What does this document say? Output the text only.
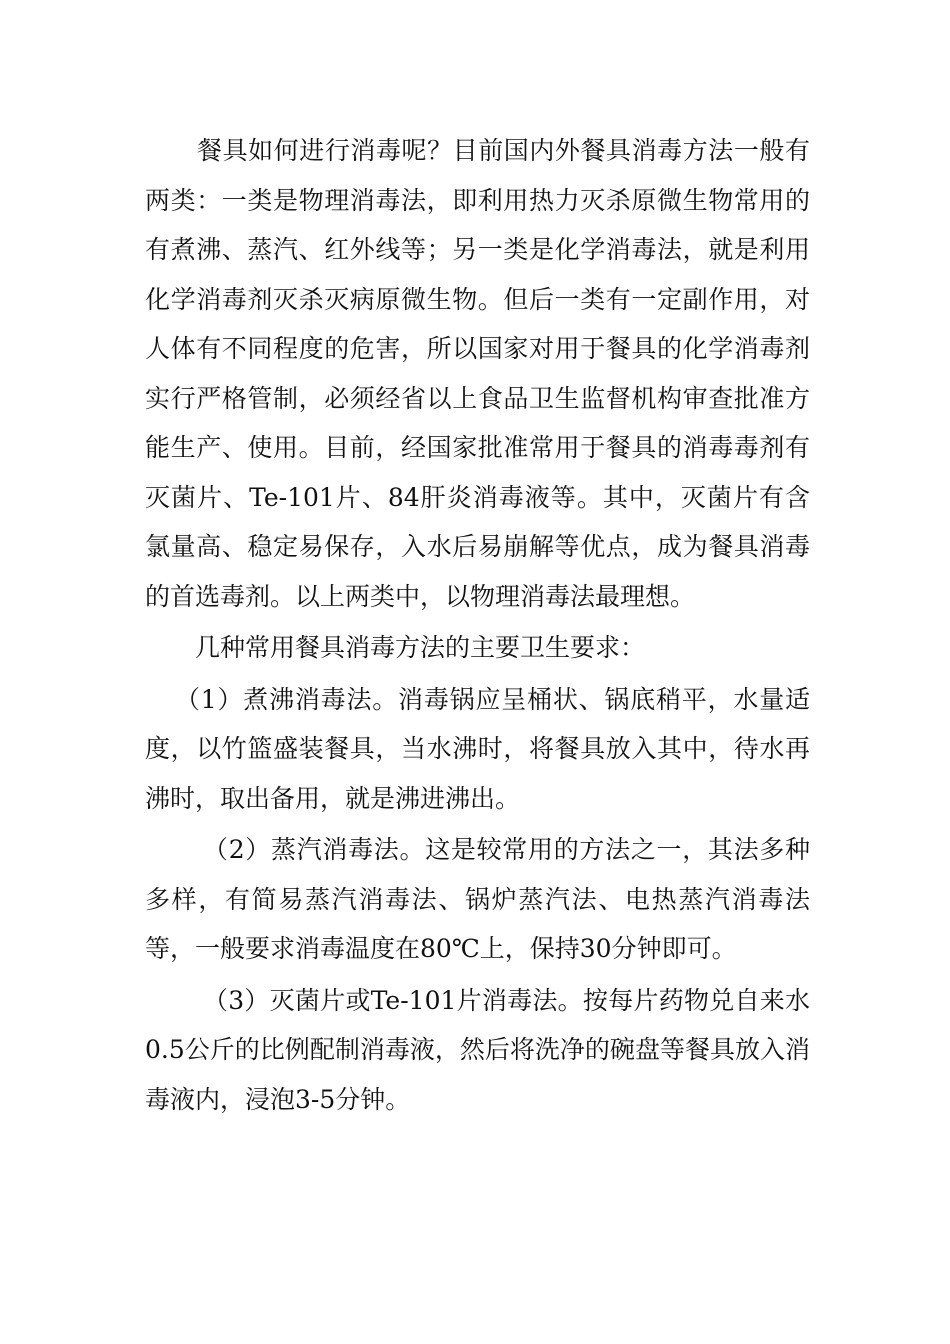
餐具如何进行消毒呢？目前国内外餐具消毒方法一般有两类：一类是物理消毒法，即利用热力灭杀原微生物常用的有煮沸、蒸汽、红外线等；另一类是化学消毒法，就是利用化学消毒剂灭杀灭病原微生物。但后一类有一定副作用，对人体有不同程度的危害，所以国家对用于餐具的化学消毒剂实行严格管制，必须经省以上食品卫生监督机构审查批准方能生产、使用。目前，经国家批准常用于餐具的消毒毒剂有灭菌片、Te-101片、84肝炎消毒液等。其中，灭菌片有含氯量高、稳定易保存，入水后易崩解等优点，成为餐具消毒的首选毒剂。以上两类中，以物理消毒法最理想。

几种常用餐具消毒方法的主要卫生要求：

（1）煮沸消毒法。消毒锅应呈桶状、锅底稍平，水量适度，以竹篮盛装餐具，当水沸时，将餐具放入其中，待水再沸时，取出备用，就是沸进沸出。

（2）蒸汽消毒法。这是较常用的方法之一，其法多种多样，有简易蒸汽消毒法、锅炉蒸汽法、电热蒸汽消毒法等，一般要求消毒温度在80℃上，保持30分钟即可。

（3）灭菌片或Te-101片消毒法。按每片药物兑自来水0.5公斤的比例配制消毒液，然后将洗净的碗盘等餐具放入消毒液内，浸泡3-5分钟。
